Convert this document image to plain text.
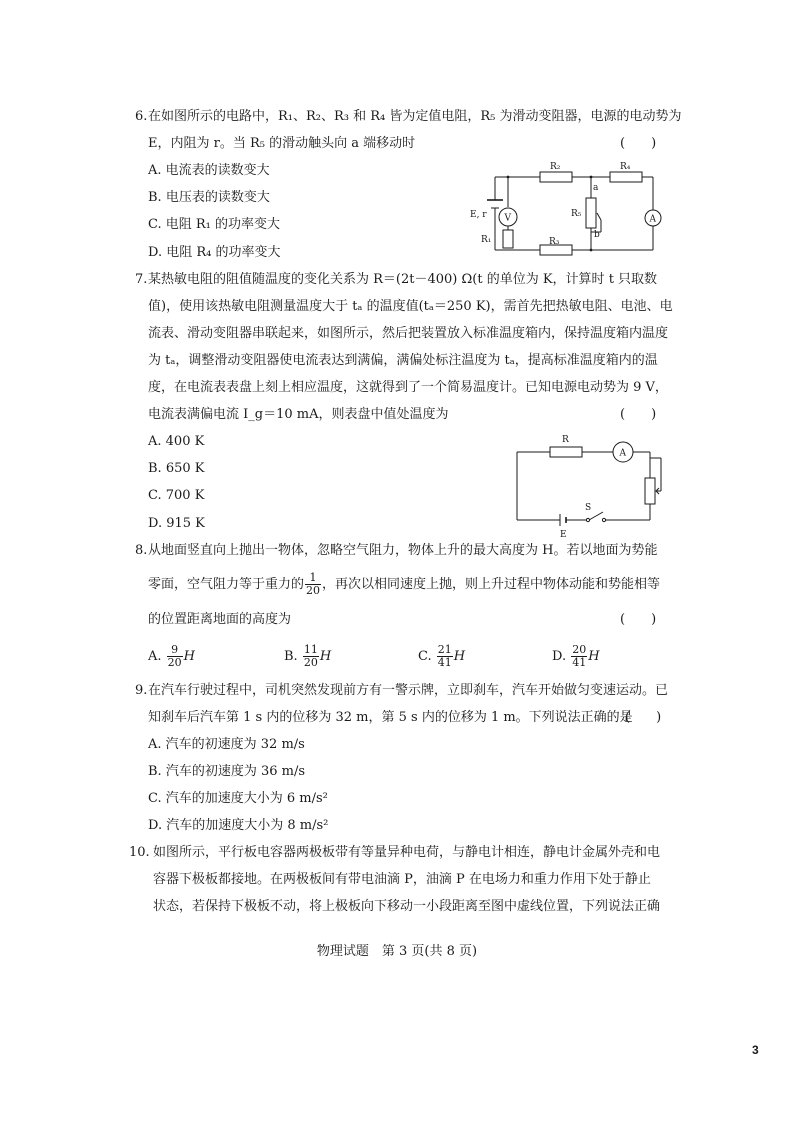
6. 在如图所示的电路中，R₁、R₂、R₃ 和 R₄ 皆为定值电阻，R₅ 为滑动变阻器，电源的电动势为
E，内阻为 r。当 R₅ 的滑动触头向 a 端移动时	(　　)
A. 电流表的读数变大
B. 电压表的读数变大
C. 电阻 R₁ 的功率变大
D. 电阻 R₄ 的功率变大
R₂	R₄
a
b
R₅
R₁	R₃
E, r V	A
7. 某热敏电阻的阻值随温度的变化关系为 R＝(2t－400) Ω(t 的单位为 K，计算时 t 只取数
值)，使用该热敏电阻测量温度大于 tₐ 的温度值(tₐ＝250 K)，需首先把热敏电阻、电池、电
流表、滑动变阻器串联起来，如图所示，然后把装置放入标准温度箱内，保持温度箱内温度
为 tₐ，调整滑动变阻器使电流表达到满偏，满偏处标注温度为 tₐ，提高标准温度箱内的温
度，在电流表表盘上刻上相应温度，这就得到了一个简易温度计。已知电源电动势为 9 V，
电流表满偏电流 I_g＝10 mA，则表盘中值处温度为	(　　)
A. 400 K
B. 650 K
C. 700 K
D. 915 K
R
A
S
E
8. 从地面竖直向上抛出一物体，忽略空气阻力，物体上升的最大高度为 H。若以地面为势能
零面，空气阻力等于重力的 $\frac{1}{20}$ ，再次以相同速度上抛，则上升过程中物体动能和势能相等
的位置距离地面的高度为	(　　)
A. $\frac{9}{20}$ H	B. $\frac{11}{20}$ H	C. $\frac{21}{41}$ H	D. $\frac{20}{41}$ H
9. 在汽车行驶过程中，司机突然发现前方有一警示牌，立即刹车，汽车开始做匀变速运动。已
知刹车后汽车第 1 s 内的位移为 32 m，第 5 s 内的位移为 1 m。下列说法正确的是
(　　)
A. 汽车的初速度为 32 m/s
B. 汽车的初速度为 36 m/s
C. 汽车的加速度大小为 6 m/s²
D. 汽车的加速度大小为 8 m/s²
10. 如图所示，平行板电容器两极板带有等量异种电荷，与静电计相连，静电计金属外壳和电
容器下极板都接地。在两极板间有带电油滴 P，油滴 P 在电场力和重力作用下处于静止
状态，若保持下极板不动，将上极板向下移动一小段距离至图中虚线位置，下列说法正确
物理试题　第 3 页(共 8 页)
3
